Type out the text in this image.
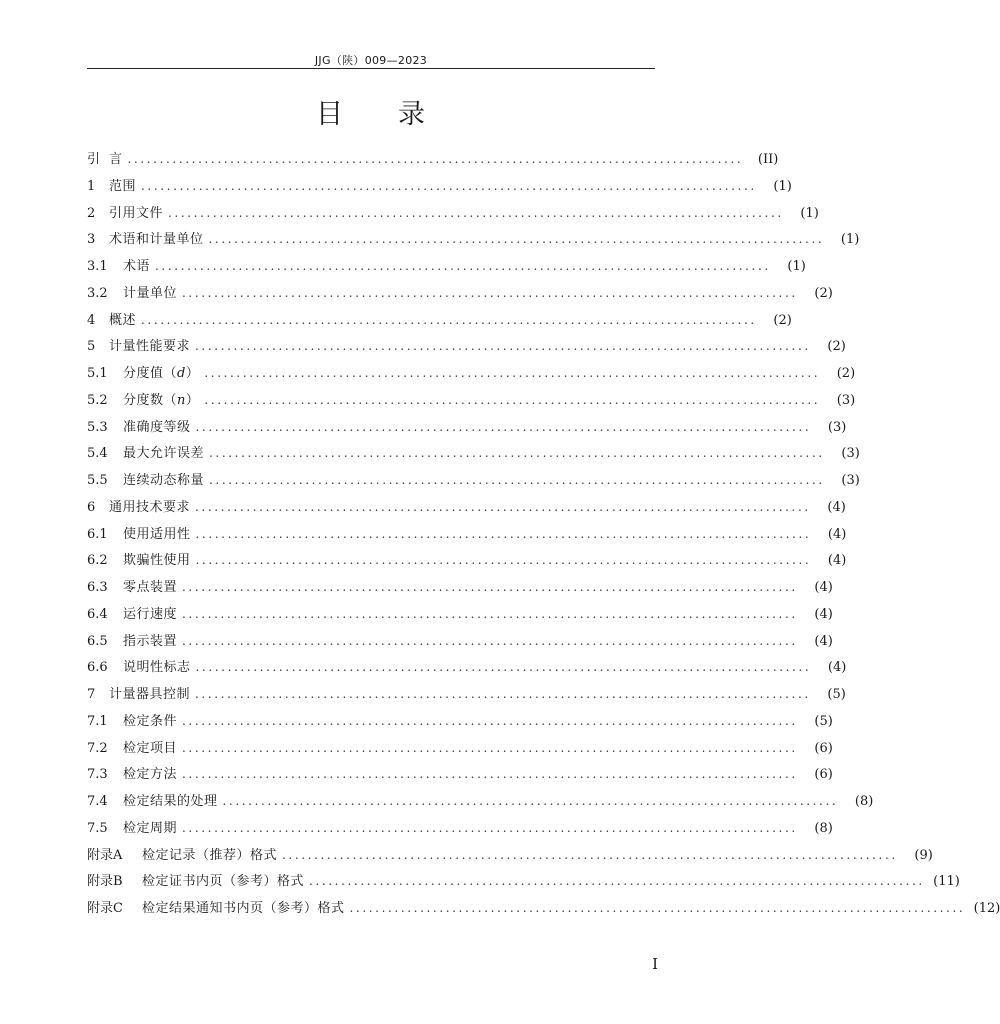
JJG（陕）009—2023
目 录
引 言 ................................................................................................	(II)
1	范围 ................................................................................................	(1)
2	引用文件 ................................................................................................	(1)
3	术语和计量单位 ................................................................................................	(1)
3.1	术语 ................................................................................................	(1)
3.2	计量单位 ................................................................................................	(2)
4	概述 ................................................................................................	(2)
5	计量性能要求 ................................................................................................	(2)
5.1	分度值（d） ................................................................................................	(2)
5.2	分度数（n） ................................................................................................	(3)
5.3	准确度等级 ................................................................................................	(3)
5.4	最大允许误差 ................................................................................................	(3)
5.5	连续动态称量 ................................................................................................	(3)
6	通用技术要求 ................................................................................................	(4)
6.1	使用适用性 ................................................................................................	(4)
6.2	欺骗性使用 ................................................................................................	(4)
6.3	零点装置 ................................................................................................	(4)
6.4	运行速度 ................................................................................................	(4)
6.5	指示装置 ................................................................................................	(4)
6.6	说明性标志 ................................................................................................	(4)
7	计量器具控制 ................................................................................................	(5)
7.1	检定条件 ................................................................................................	(5)
7.2	检定项目 ................................................................................................	(6)
7.3	检定方法 ................................................................................................	(6)
7.4	检定结果的处理 ................................................................................................	(8)
7.5	检定周期 ................................................................................................	(8)
附录A	检定记录（推荐）格式 ................................................................................................	(9)
附录B	检定证书内页（参考）格式 ................................................................................................ (11)
附录C	检定结果通知书内页（参考）格式 ................................................................................................ (12)
I
